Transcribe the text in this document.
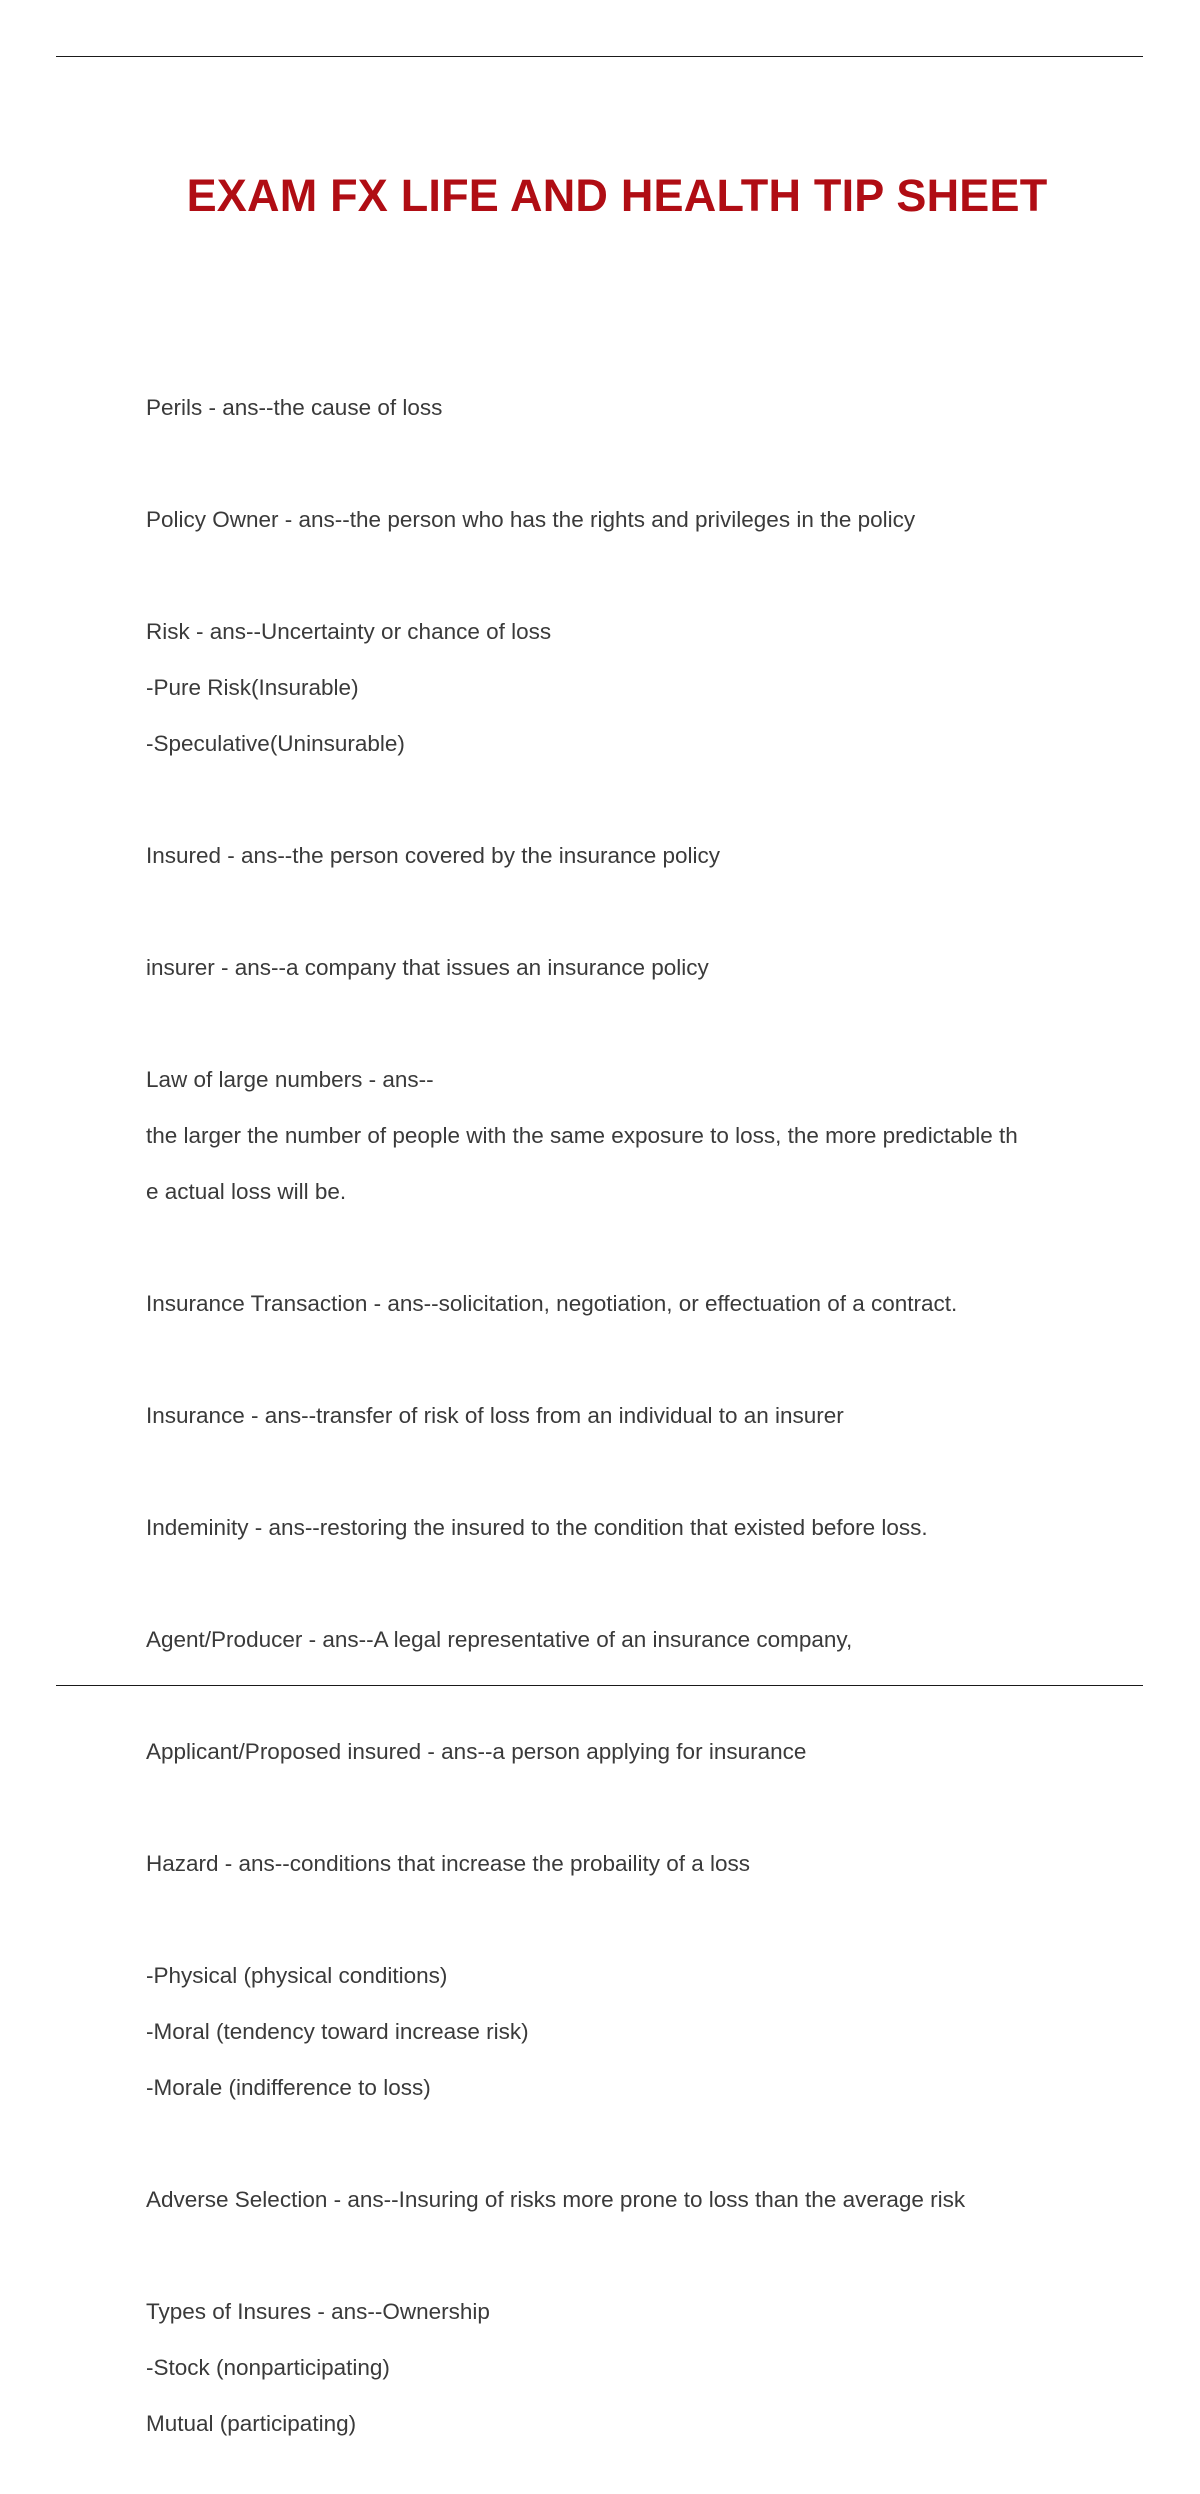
EXAM FX LIFE AND HEALTH TIP SHEET

Perils - ans--the cause of loss

Policy Owner - ans--the person who has the rights and privileges in the policy

Risk - ans--Uncertainty or chance of loss

-Pure Risk(Insurable)

-Speculative(Uninsurable)

Insured - ans--the person covered by the insurance policy

insurer - ans--a company that issues an insurance policy

Law of large numbers - ans--

the larger the number of people with the same exposure to loss, the more predictable th

e actual loss will be.

Insurance Transaction - ans--solicitation, negotiation, or effectuation of a contract.

Insurance - ans--transfer of risk of loss from an individual to an insurer

Indeminity - ans--restoring the insured to the condition that existed before loss.

Agent/Producer - ans--A legal representative of an insurance company,

Applicant/Proposed insured - ans--a person applying for insurance

Hazard - ans--conditions that increase the probaility of a loss

-Physical (physical conditions)

-Moral (tendency toward increase risk)

-Morale (indifference to loss)

Adverse Selection - ans--Insuring of risks more prone to loss than the average risk

Types of Insures - ans--Ownership

-Stock (nonparticipating)

Mutual (participating)
